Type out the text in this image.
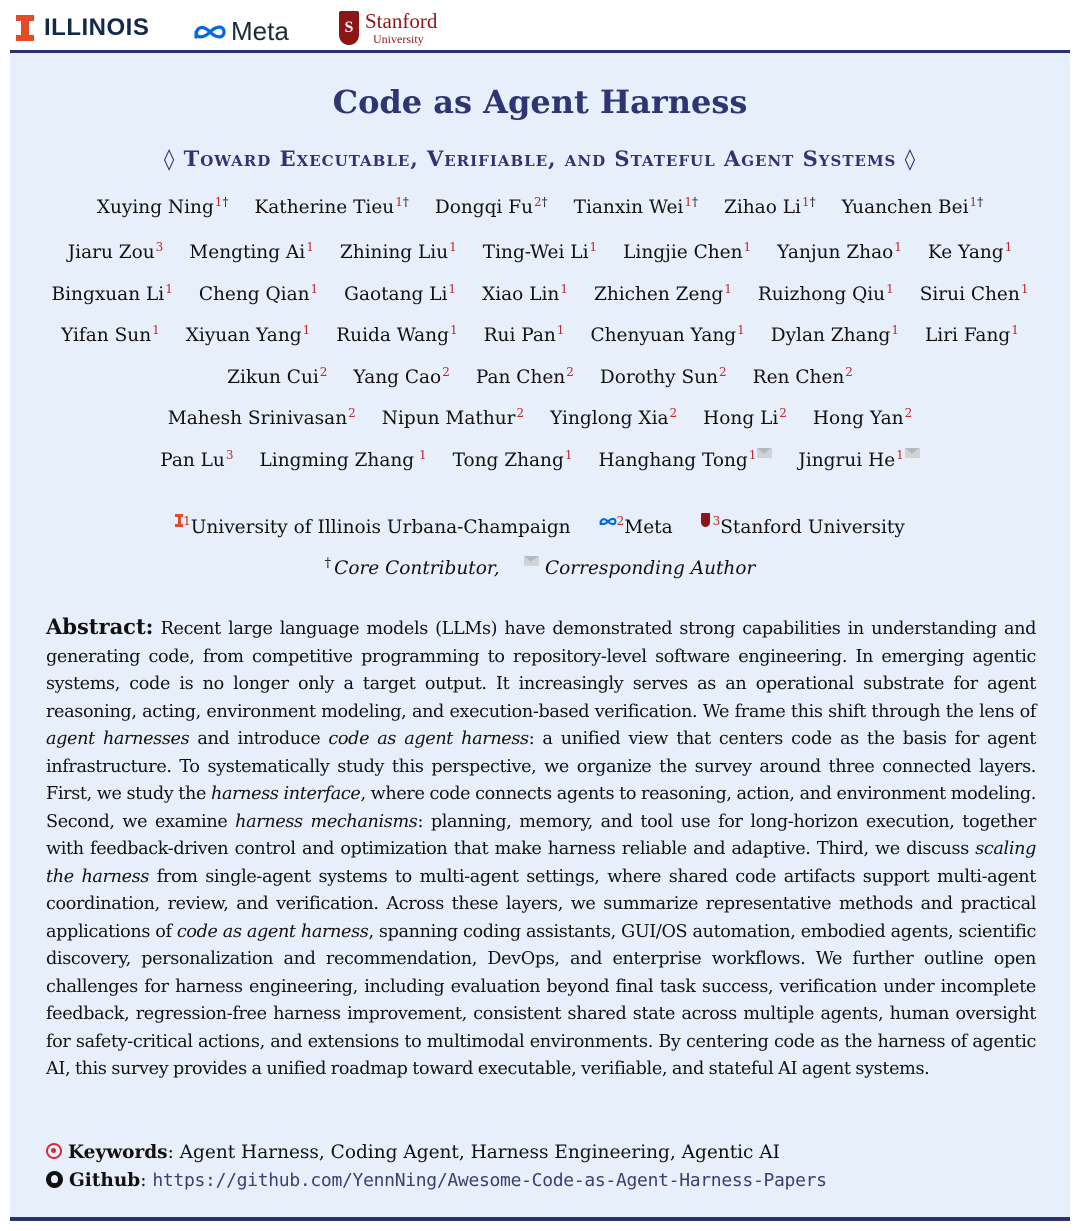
ILLINOIS	Meta	S Stanford
University
Code as Agent Harness
◊ Toward Executable, Verifiable, and Stateful Agent Systems ◊
Xuying Ning$^{1\dagger}$ Katherine Tieu$^{1\dagger}$ Dongqi $Fu^{2\dagger}$ Tianxin Wei$^{1\dagger}$ Zihao $Li^{1\dagger}$ Yuanchen Bei$^{1\dagger}$
Jiaru Zou$^3$ Mengting Ai$^1$ Zhining Liu$^1$ Ting-Wei Li$^1$ Lingjie Chen$^1$ Yanjun Zhao$^1$ Ke Yang$^1$
Bingxuan Li$^1$ Cheng Qian$^1$ Gaotang Li$^1$ Xiao Lin$^1$ Zhichen Zeng$^1$ Ruizhong Qiu$^1$ Sirui Chen$^1$
Yifan Sun$^1$ Xiyuan Yang$^1$ Ruida Wang$^1$ Rui Pan$^1$ Chenyuan Yang$^1$ Dylan Zhang$^1$ Liri Fang$^1$
Zikun Cui$^2$ Yang Cao$^2$ Pan Chen$^2$ Dorothy Sun$^2$ Ren Chen$^2$
Mahesh Srinivasan$^2$ Nipun Mathur$^2$ Yinglong Xia$^2$ Hong Li$^2$ Hong Yan$^2$
Pan Lu$^3$ Lingming Zhang $^1$ Tong Zhang$^1$ Hanghang Tong$^1$	Jingrui He$^1$
$^1$University of Illinois Urbana-Champaign	$^2$Meta	$^3$Stanford University
† Core Contributor, Corresponding Author
Abstract: Recent large language models (LLMs) have demonstrated strong capabilities in understanding and generating code, from competitive programming to repository-level software engineering. In emerging agentic systems, code is no longer only a target output. It increasingly serves as an operational substrate for agent reasoning, acting, environment modeling, and execution-based verification. We frame this shift through the lens of agent harnesses and introduce code as agent harness: a unified view that centers code as the basis for agent infrastructure. To systematically study this perspective, we organize the survey around three connected layers. First, we study the harness interface, where code connects agents to reasoning, action, and environment modeling. Second, we examine harness mechanisms: planning, memory, and tool use for long-horizon execution, together with feedback-driven control and optimization that make harness reliable and adaptive. Third, we discuss scaling the harness from single-agent systems to multi-agent settings, where shared code artifacts support multi-agent coordination, review, and verification. Across these layers, we summarize representative methods and practical applications of code as agent harness, spanning coding assistants, GUI/OS automation, embodied agents, scientific discovery, personalization and recommendation, DevOps, and enterprise workflows. We further outline open challenges for harness engineering, including evaluation beyond final task success, verification under incomplete feedback, regression-free harness improvement, consistent shared state across multiple agents, human oversight for safety-critical actions, and extensions to multimodal environments. By centering code as the harness of agentic AI, this survey provides a unified roadmap toward executable, verifiable, and stateful AI agent systems.
Keywords: Agent Harness, Coding Agent, Harness Engineering, Agentic AI
Github: https://github.com/YennNing/Awesome-Code-as-Agent-Harness-Papers
